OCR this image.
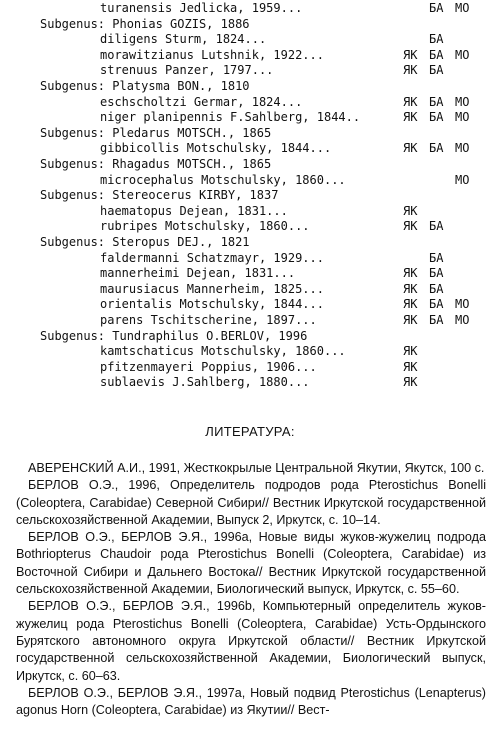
turanensis Jedlicka, 1959...	БА МО
Subgenus: Phonias GOZIS, 1886
diligens Sturm, 1824...	БА
morawitzianus Lutshnik, 1922...	ЯК БА МО
strenuus Panzer, 1797...	ЯК БА
Subgenus: Platysma BON., 1810
eschscholtzi Germar, 1824...	ЯК БА МО
niger planipennis F.Sahlberg, 1844..	ЯК БА МО
Subgenus: Pledarus MOTSCH., 1865
gibbicollis Motschulsky, 1844...	ЯК БА МО
Subgenus: Rhagadus MOTSCH., 1865
microcephalus Motschulsky, 1860...	МО
Subgenus: Stereocerus KIRBY, 1837
haematopus Dejean, 1831...	ЯК
rubripes Motschulsky, 1860...	ЯК БА
Subgenus: Steropus DEJ., 1821
faldermanni Schatzmayr, 1929...	БА
mannerheimi Dejean, 1831...	ЯК БА
maurusiacus Mannerheim, 1825...	ЯК БА
orientalis Motschulsky, 1844...	ЯК БА МО
parens Tschitscherine, 1897...	ЯК БА МО
Subgenus: Tundraphilus O.BERLOV, 1996
kamtschaticus Motschulsky, 1860...	ЯК
pfitzenmayeri Poppius, 1906...	ЯК
sublaevis J.Sahlberg, 1880...	ЯК
ЛИТЕРАТУРА:

АВЕРЕНСКИЙ А.И., 1991, Жесткокрылые Центральной Якутии, Якутск, 100 с.

БЕРЛОВ О.Э., 1996, Определитель подродов рода Pterostichus Bonelli (Coleoptera, Carabidae) Северной Сибири// Вестник Иркутской государственной сельскохозяйственной Академии, Выпуск 2, Иркутск, с. 10–14.

БЕРЛОВ О.Э., БЕРЛОВ Э.Я., 1996a, Новые виды жуков-жужелиц подрода Bothriopterus Chaudoir рода Pterostichus Bonelli (Coleoptera, Carabidae) из Восточной Сибири и Дальнего Востока// Вестник Иркутской государственной сельскохозяйственной Академии, Биологический выпуск, Иркутск, с. 55–60.

БЕРЛОВ О.Э., БЕРЛОВ Э.Я., 1996b, Компьютерный определитель жуков-жужелиц рода Pterostichus Bonelli (Coleoptera, Carabidae) Усть-Ордынского Бурятского автономного округа Иркутской области// Вестник Иркутской государственной сельскохозяйственной Академии, Биологический выпуск, Иркутск, с. 60–63.

БЕРЛОВ О.Э., БЕРЛОВ Э.Я., 1997a, Новый подвид Pterostichus (Lenapterus) agonus Horn (Coleoptera, Carabidae) из Якутии// Вест-
